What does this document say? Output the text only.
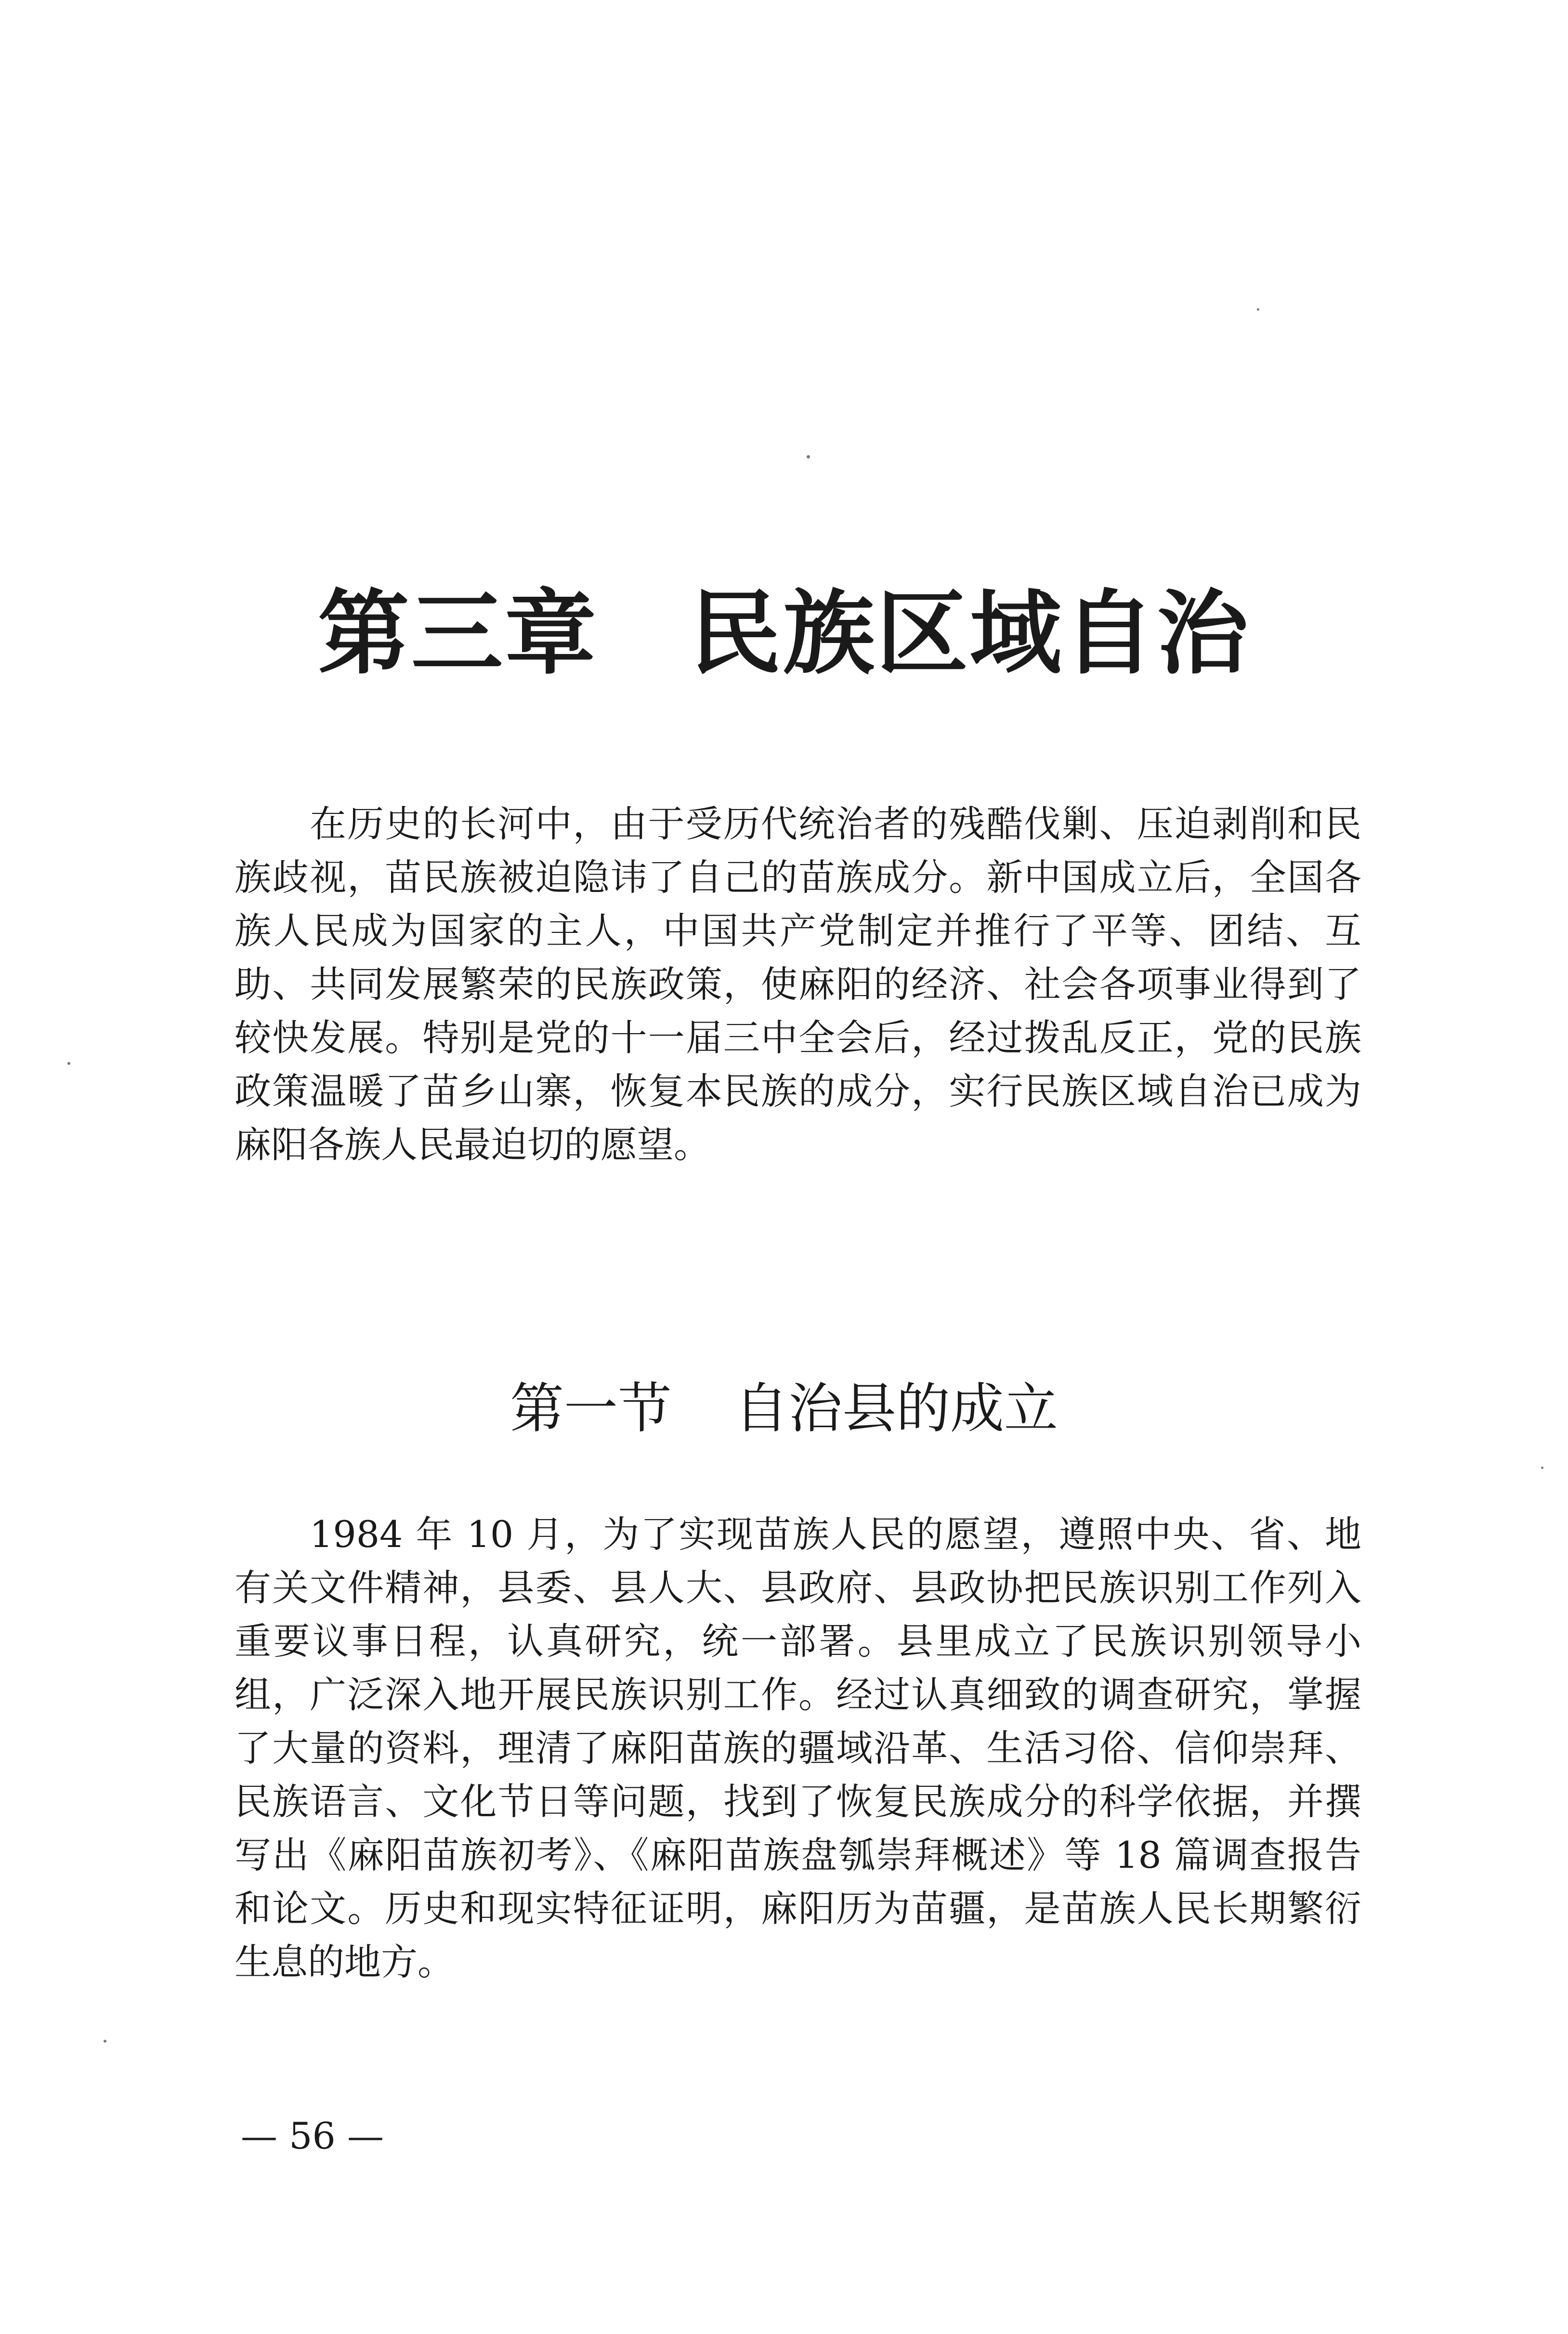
第三章 民族区域自治

在历史的长河中，由于受历代统治者的残酷伐剿、压迫剥削和民族歧视，苗民族被迫隐讳了自己的苗族成分。新中国成立后，全国各族人民成为国家的主人，中国共产党制定并推行了平等、团结、互助、共同发展繁荣的民族政策，使麻阳的经济、社会各项事业得到了较快发展。特别是党的十一届三中全会后，经过拨乱反正，党的民族政策温暖了苗乡山寨，恢复本民族的成分，实行民族区域自治已成为麻阳各族人民最迫切的愿望。

第一节 自治县的成立

1984 年 10 月，为了实现苗族人民的愿望，遵照中央、省、地有关文件精神，县委、县人大、县政府、县政协把民族识别工作列入重要议事日程，认真研究，统一部署。县里成立了民族识别领导小组，广泛深入地开展民族识别工作。经过认真细致的调查研究，掌握了大量的资料，理清了麻阳苗族的疆域沿革、生活习俗、信仰崇拜、民族语言、文化节日等问题，找到了恢复民族成分的科学依据，并撰写出《麻阳苗族初考》、《麻阳苗族盘瓠崇拜概述》等 18 篇调查报告和论文。历史和现实特征证明，麻阳历为苗疆，是苗族人民长期繁衍生息的地方。

— 56 —
